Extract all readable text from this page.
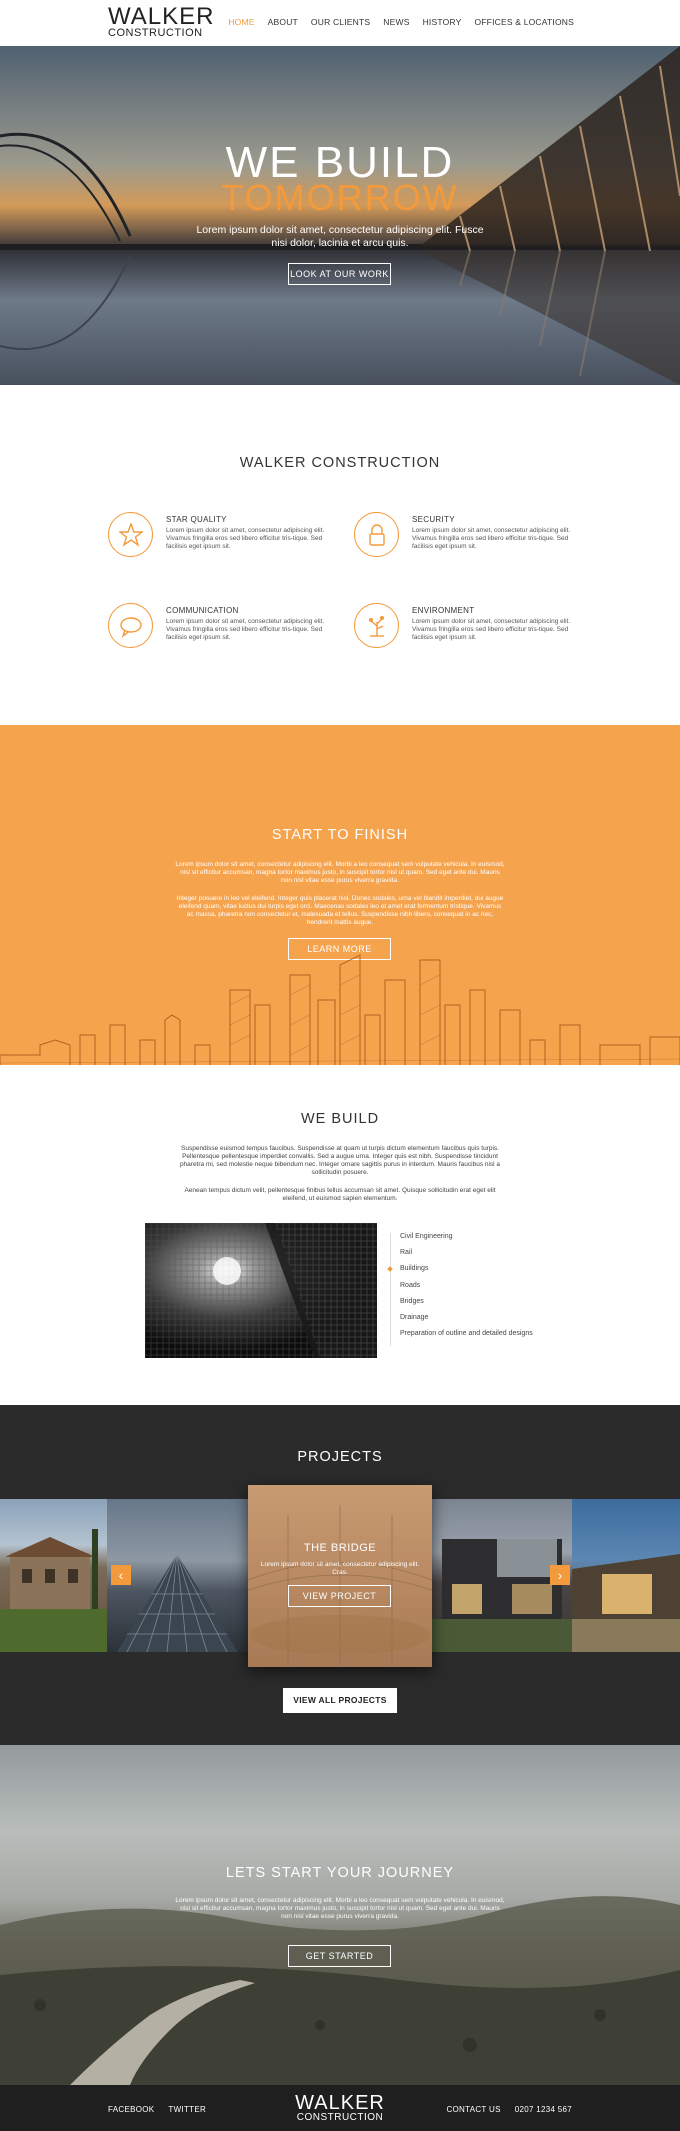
WALKER
CONSTRUCTION
HOME ABOUT OUR CLIENTS NEWS HISTORY OFFICES & LOCATIONS
WE BUILD
TOMORROW
Lorem ipsum dolor sit amet, consectetur adipiscing elit. Fusce nisi dolor, lacinia et arcu quis.
LOOK AT OUR WORK
WALKER CONSTRUCTION
STAR QUALITY
Lorem ipsum dolor sit amet, consectetur adipiscing elit. Vivamus fringilla eros sed libero efficitur tris-tique. Sed facilisis eget ipsum sit.
SECURITY
Lorem ipsum dolor sit amet, consectetur adipiscing elit. Vivamus fringilla eros sed libero efficitur tris-tique. Sed facilisis eget ipsum sit.
COMMUNICATION
Lorem ipsum dolor sit amet, consectetur adipiscing elit. Vivamus fringilla eros sed libero efficitur tris-tique. Sed facilisis eget ipsum sit.
ENVIRONMENT
Lorem ipsum dolor sit amet, consectetur adipiscing elit. Vivamus fringilla eros sed libero efficitur tris-tique. Sed facilisis eget ipsum sit.
START TO FINISH
Lorem ipsum dolor sit amet, consectetur adipiscing elit. Morbi a leo consequat sem vulputate vehicula. In euismod, nisl sit efficitur accumsan, magna tortor maximus justo, in suscipit tortor nisl ut quam. Sed eget ante dui. Mauris non nisl vitae esse purus viverra gravida.
Integer posuere in leo vel eleifend. Integer quis placerat nisl. Donec sodales, urna vel blandit imperdiet, dui augue eleifend quam, vitae luctus dui turpis eget orci. Maecenas sodales leo et amet erat fermentum tristique. Vivamus ac massa, pharetra non consectetur et, malesuada et tellus. Suspendisse nibh libero, consequat in ac nec, hendrerit mattis augue.
LEARN MORE
WE BUILD
Suspendisse euismod tempus faucibus. Suspendisse at quam ut turpis dictum elementum faucibus quis turpis. Pellentesque pellentesque imperdiet convallis. Sed a augue urna. Integer quis est nibh. Suspendisse tincidunt pharetra mi, sed molestie neque bibendum nec. Integer ornare sagittis purus in interdum. Mauris faucibus nisl a sollicitudin posuere.
Aenean tempus dictum velit, pellentesque finibus tellus accumsan sit amet. Quisque sollicitudin erat eget elit eleifend, ut euismod sapien elementum.
Civil Engineering
Rail
Buildings
Roads
Bridges
Drainage
Preparation of outline and detailed designs
PROJECTS
‹	›
THE BRIDGE
Lorem ipsum dolor sit amet, consectetur adipiscing elit. Cras.
VIEW PROJECT
VIEW ALL PROJECTS
LETS START YOUR JOURNEY
Lorem ipsum dolor sit amet, consectetur adipiscing elit. Morbi a leo consequat sem vulputate vehicula. In euismod, nisl sit efficitur accumsan, magna tortor maximus justo, in suscipit tortor nisl ut quam. Sed eget ante dui. Mauris non nisl vitae esse purus viverra gravida.
GET STARTED
FACEBOOK TWITTER	WALKER
CONSTRUCTION
CONTACT US 0207 1234 567
